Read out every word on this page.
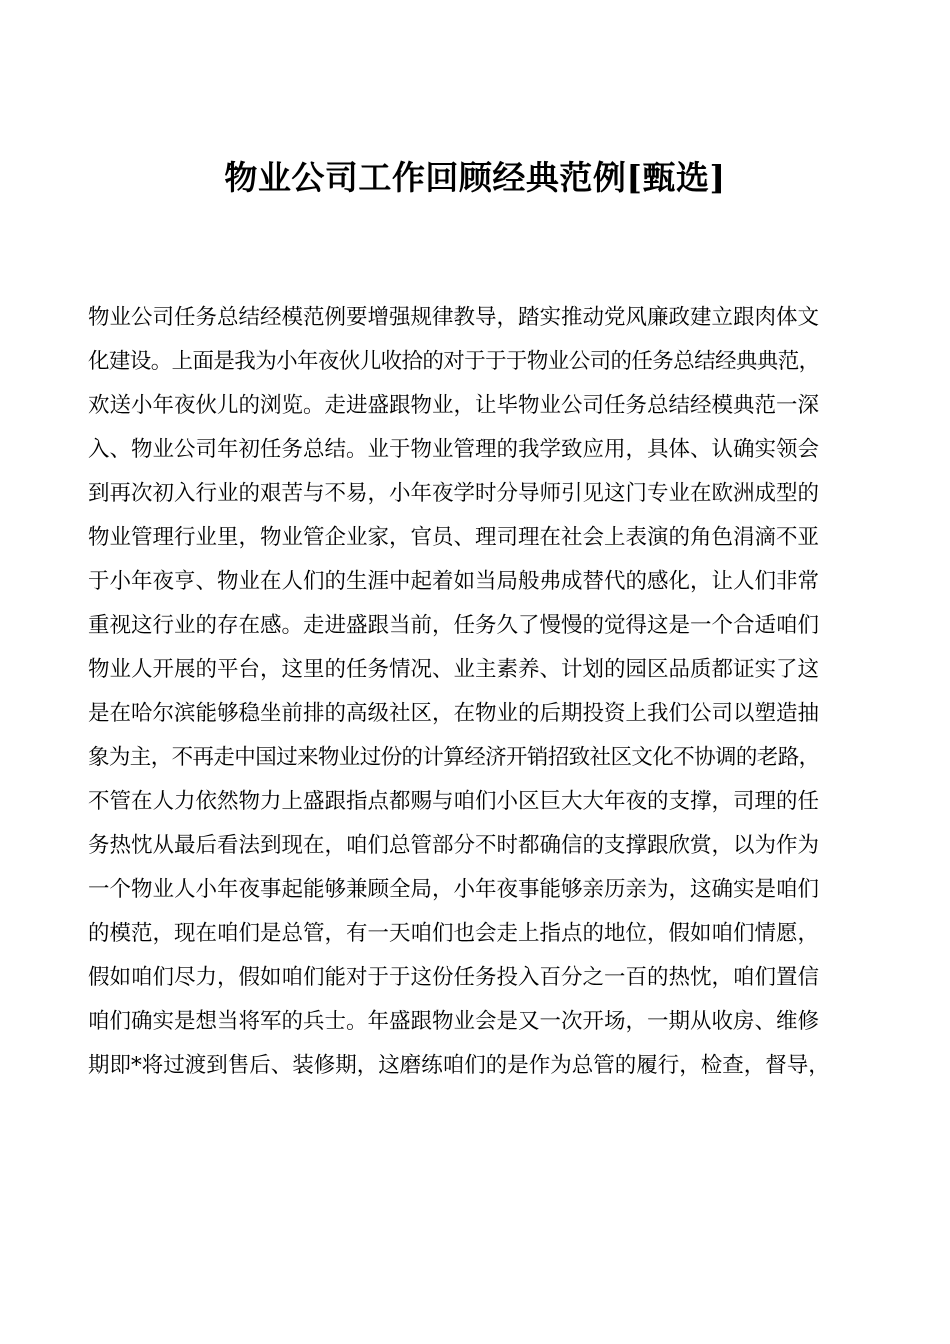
物业公司工作回顾经典范例[甄选]
物业公司任务总结经模范例要增强规律教导，踏实推动党风廉政建立跟肉体文
化建设。上面是我为小年夜伙儿收拾的对于于于物业公司的任务总结经典典范，
欢送小年夜伙儿的浏览。走进盛跟物业，让毕物业公司任务总结经模典范一深
入、物业公司年初任务总结。业于物业管理的我学致应用，具体、认确实领会
到再次初入行业的艰苦与不易，小年夜学时分导师引见这门专业在欧洲成型的
物业管理行业里，物业管企业家，官员、理司理在社会上表演的角色涓滴不亚
于小年夜亨、物业在人们的生涯中起着如当局般弗成替代的感化，让人们非常
重视这行业的存在感。走进盛跟当前，任务久了慢慢的觉得这是一个合适咱们
物业人开展的平台，这里的任务情况、业主素养、计划的园区品质都证实了这
是在哈尔滨能够稳坐前排的高级社区，在物业的后期投资上我们公司以塑造抽
象为主，不再走中国过来物业过份的计算经济开销招致社区文化不协调的老路，
不管在人力依然物力上盛跟指点都赐与咱们小区巨大大年夜的支撑，司理的任
务热忱从最后看法到现在，咱们总管部分不时都确信的支撑跟欣赏，以为作为
一个物业人小年夜事起能够兼顾全局，小年夜事能够亲历亲为，这确实是咱们
的模范，现在咱们是总管，有一天咱们也会走上指点的地位，假如咱们情愿，
假如咱们尽力，假如咱们能对于于这份任务投入百分之一百的热忱，咱们置信
咱们确实是想当将军的兵士。年盛跟物业会是又一次开场，一期从收房、维修
期即*将过渡到售后、装修期，这磨练咱们的是作为总管的履行，检查，督导，
